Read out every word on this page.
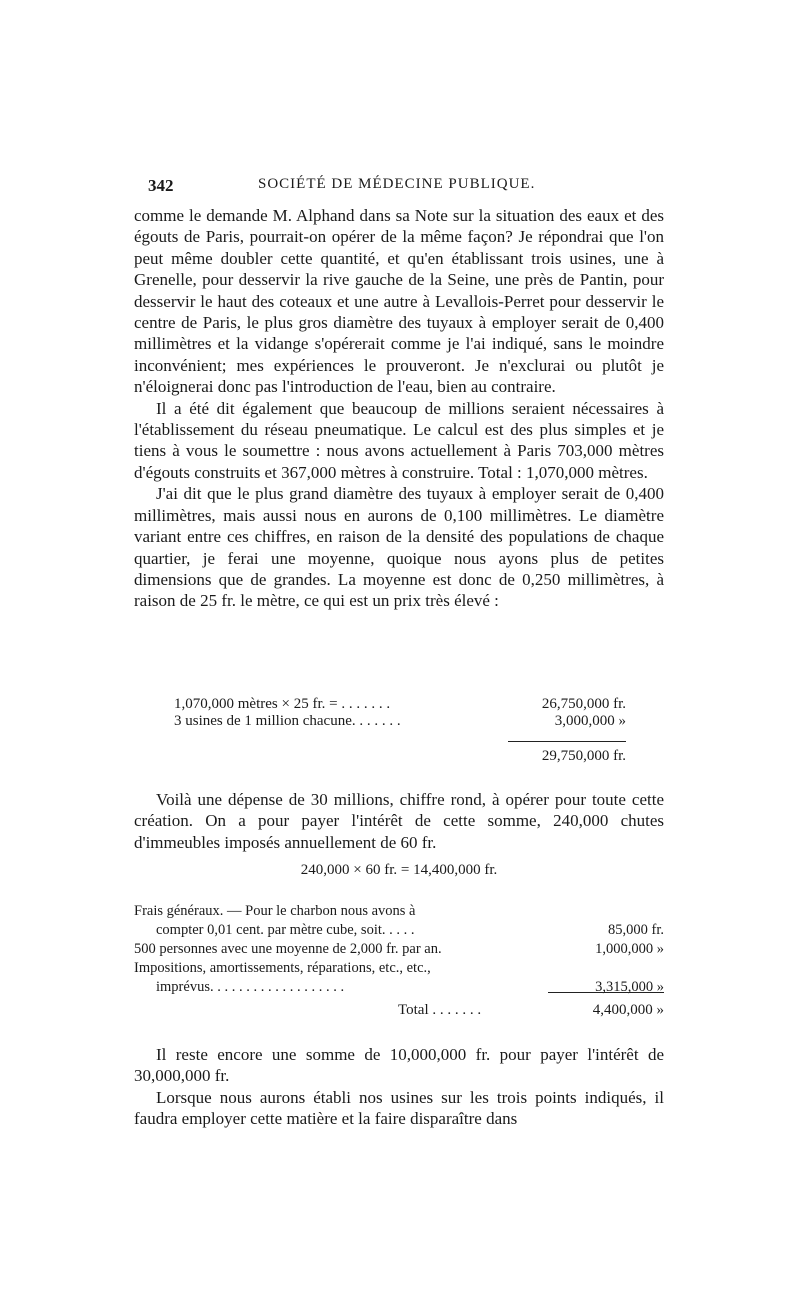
342	SOCIÉTÉ DE MÉDECINE PUBLIQUE.

comme le demande M. Alphand dans sa Note sur la situation des eaux et des égouts de Paris, pourrait-on opérer de la même façon? Je répondrai que l'on peut même doubler cette quantité, et qu'en établissant trois usines, une à Grenelle, pour desservir la rive gauche de la Seine, une près de Pantin, pour desservir le haut des coteaux et une autre à Levallois-Perret pour desservir le centre de Paris, le plus gros diamètre des tuyaux à employer serait de 0,400 millimètres et la vidange s'opérerait comme je l'ai indiqué, sans le moindre inconvénient; mes expériences le prouveront. Je n'exclurai ou plutôt je n'éloignerai donc pas l'introduction de l'eau, bien au contraire.

Il a été dit également que beaucoup de millions seraient nécessaires à l'établissement du réseau pneumatique. Le calcul est des plus simples et je tiens à vous le soumettre : nous avons actuellement à Paris 703,000 mètres d'égouts construits et 367,000 mètres à construire. Total : 1,070,000 mètres.

J'ai dit que le plus grand diamètre des tuyaux à employer serait de 0,400 millimètres, mais aussi nous en aurons de 0,100 millimètres. Le diamètre variant entre ces chiffres, en raison de la densité des populations de chaque quartier, je ferai une moyenne, quoique nous ayons plus de petites dimensions que de grandes. La moyenne est donc de 0,250 millimètres, à raison de 25 fr. le mètre, ce qui est un prix très élevé :

1,070,000 mètres × 25 fr. = . . . . . . .	26,750,000 fr.
3 usines de 1 million chacune. . . . . . .	3,000,000 »
29,750,000 fr.

Voilà une dépense de 30 millions, chiffre rond, à opérer pour toute cette création. On a pour payer l'intérêt de cette somme, 240,000 chutes d'immeubles imposés annuellement de 60 fr.

240,000 × 60 fr. = 14,400,000 fr.
Frais généraux. — Pour le charbon nous avons à
compter 0,01 cent. par mètre cube, soit. . . . .	85,000 fr.
500 personnes avec une moyenne de 2,000 fr. par an.	1,000,000 »
Impositions, amortissements, réparations, etc., etc.,
imprévus. . . . . . . . . . . . . . . . . . .	3,315,000 »
Total . . . . . . .	4,400,000 »

Il reste encore une somme de 10,000,000 fr. pour payer l'intérêt de 30,000,000 fr.

Lorsque nous aurons établi nos usines sur les trois points indiqués, il faudra employer cette matière et la faire disparaître dans
